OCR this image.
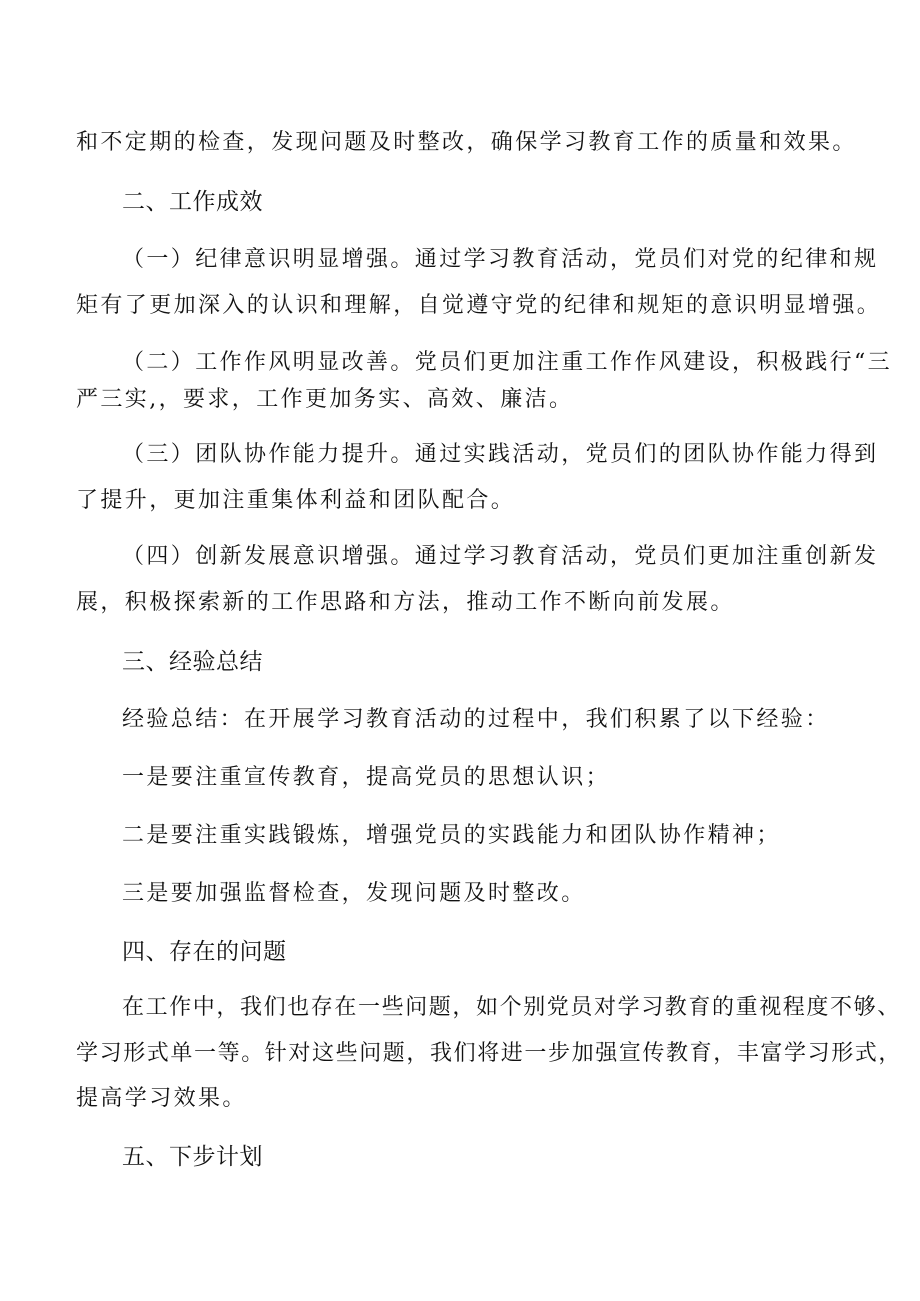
和不定期的检查，发现问题及时整改，确保学习教育工作的质量和效果。
二、工作成效
（一）纪律意识明显增强。通过学习教育活动，党员们对党的纪律和规
矩有了更加深入的认识和理解，自觉遵守党的纪律和规矩的意识明显增强。
（二）工作作风明显改善。党员们更加注重工作作风建设，积极践行“三
严三实,，要求，工作更加务实、高效、廉洁。
（三）团队协作能力提升。通过实践活动，党员们的团队协作能力得到
了提升，更加注重集体利益和团队配合。
（四）创新发展意识增强。通过学习教育活动，党员们更加注重创新发
展，积极探索新的工作思路和方法，推动工作不断向前发展。
三、经验总结
经验总结：在开展学习教育活动的过程中，我们积累了以下经验：
一是要注重宣传教育，提高党员的思想认识；
二是要注重实践锻炼，增强党员的实践能力和团队协作精神；
三是要加强监督检查，发现问题及时整改。
四、存在的问题
在工作中，我们也存在一些问题，如个别党员对学习教育的重视程度不够、
学习形式单一等。针对这些问题，我们将进一步加强宣传教育，丰富学习形式，
提高学习效果。
五、下步计划
